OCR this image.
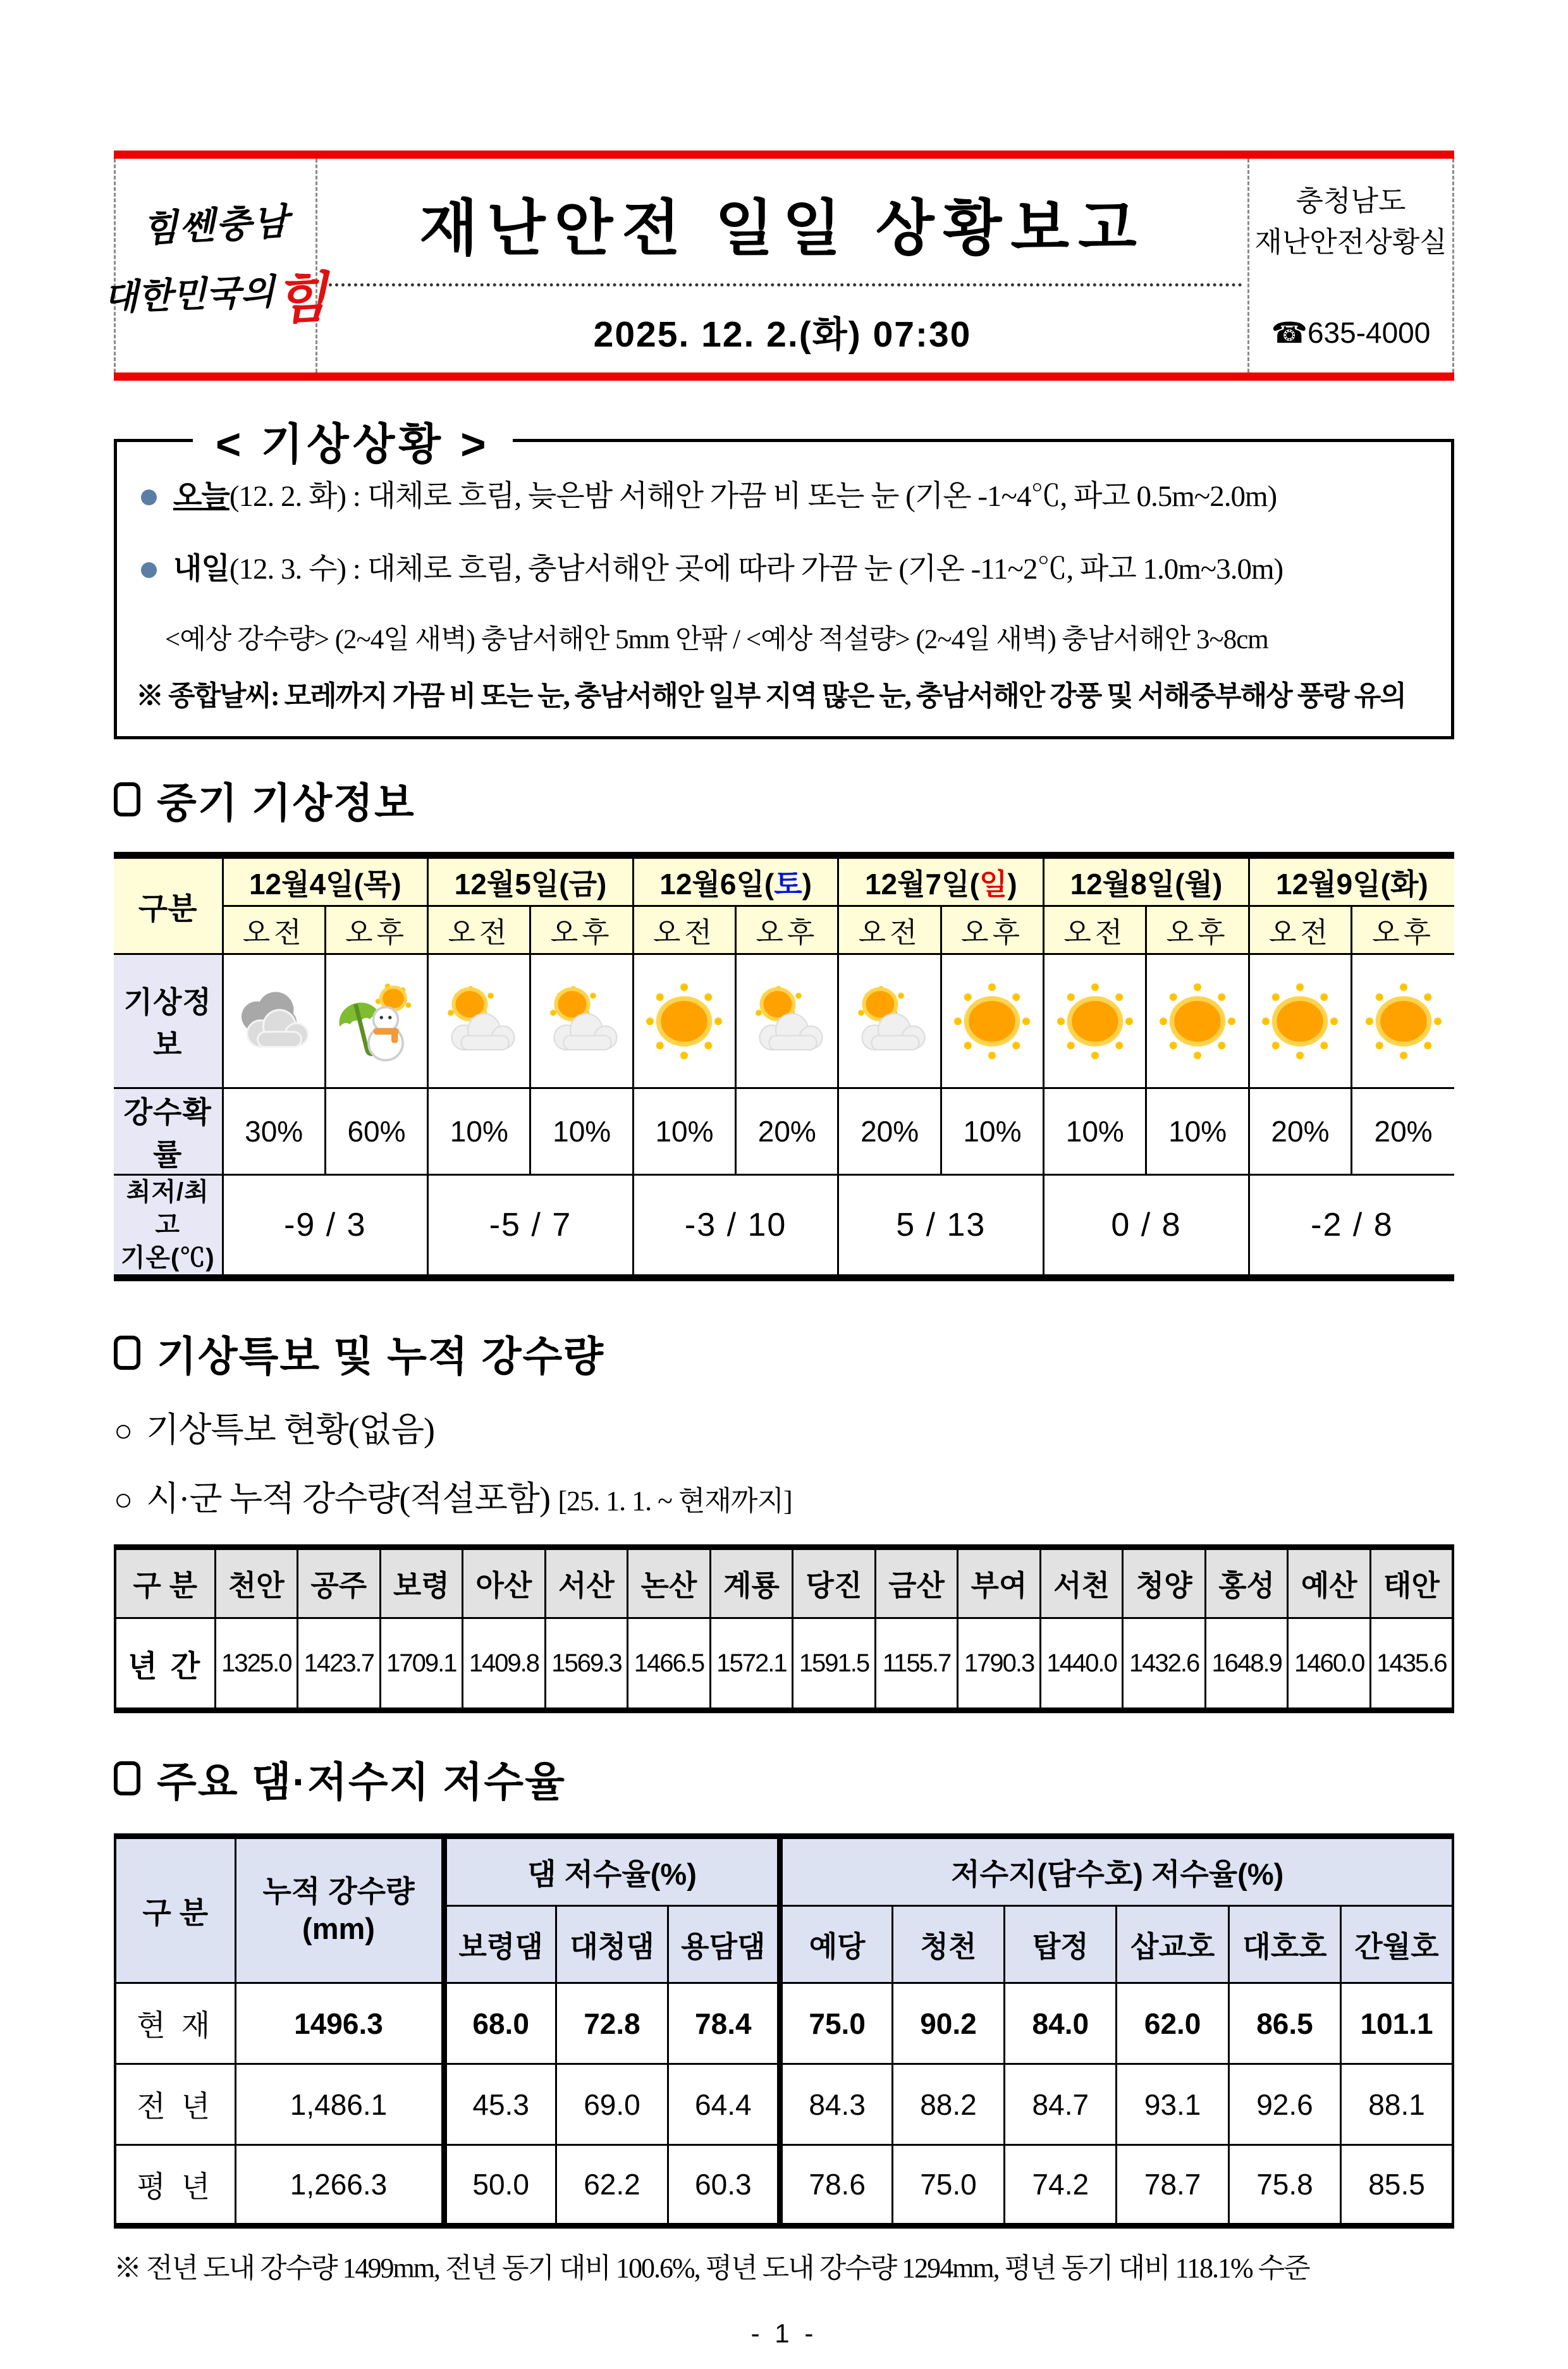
힘쎈충남
대한민국의힘
재난안전 일일 상황보고
2025. 12. 2.(화) 07:30
충청남도
재난안전상황실
☎635-4000
< 기상상황 >
오늘(12. 2. 화) : 대체로 흐림, 늦은밤 서해안 가끔 비 또는 눈 (기온 -1~4℃, 파고 0.5m~2.0m)
내일(12. 3. 수) : 대체로 흐림, 충남서해안 곳에 따라 가끔 눈 (기온 -11~2℃, 파고 1.0m~3.0m)
<예상 강수량> (2~4일 새벽) 충남서해안 5mm 안팎 / <예상 적설량> (2~4일 새벽) 충남서해안 3~8cm
※ 종합날씨: 모레까지 가끔 비 또는 눈, 충남서해안 일부 지역 많은 눈, 충남서해안 강풍 및 서해중부해상 풍랑 유의
중기 기상정보
구분	12월4일 ( 목 )		12월5일 ( 금 )		12월6일 ( 토 )		12월7일 ( 일 )		12월8일 ( 월 )		12월9일 ( 화 )
	오전	오후	오전	오후	오전	오후	오전	오후	오전	오후	오전	오후
기상정보												
강수확률	30%	60%	10%	10%	10%	20%	20%	10%	10%	10%	20%	20%

최저/최고
기온(℃)	-9 / 3		-5 / 7		-3 / 10		5 / 13		0 / 8		-2 / 8	
기상특보 및 누적 강수량
○ 기상특보 현황(없음)
○ 시·군 누적 강수량(적설포함) [25. 1. 1. ~ 현재까지]
구 분	천안	공주	보령	아산	서산	논산	계룡	당진	금산	부여	서천	청양	홍성	예산	태안
년 간	1325.0	1423.7	1709.1	1409.8	1569.3	1466.5	1572.1	1591.5	1155.7	1790.3	1440.0	1432.6	1648.9	1460.0	1435.6
주요 댐·저수지 저수율
구 분	누적 강수량
(mm)	댐 저수율(%)			저수지(담수호) 저수율(%)					
		보령댐	대청댐	용담댐	예당	청천	탑정	삽교호	대호호	간월호
현 재	1496.3	68.0	72.8	78.4	75.0	90.2	84.0	62.0	86.5	101.1
전 년	1,486.1	45.3	69.0	64.4	84.3	88.2	84.7	93.1	92.6	88.1
평 년	1,266.3	50.0	62.2	60.3	78.6	75.0	74.2	78.7	75.8	85.5
※ 전년 도내 강수량 1499mm, 전년 동기 대비 100.6%, 평년 도내 강수량 1294mm, 평년 동기 대비 118.1% 수준
- 1 -
